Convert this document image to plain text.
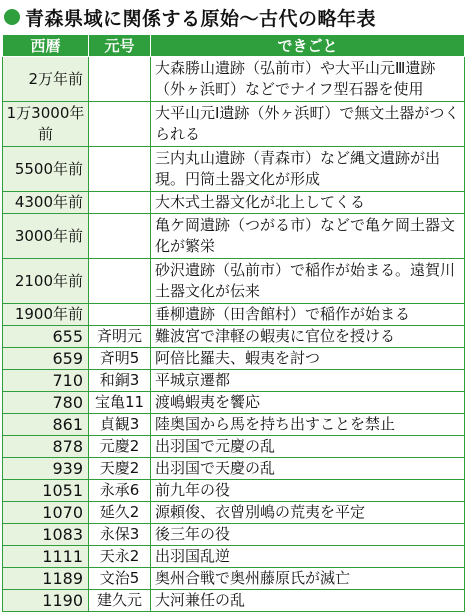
青森県域に関係する原始～古代の略年表
西暦	元号	できごと
2万年前		大森勝山遺跡（弘前市）や大平山元Ⅲ遺跡（外ヶ浜町）などでナイフ型石器を使用
1万3000年前		大平山元Ⅰ遺跡（外ヶ浜町）で無文土器がつくられる
5500年前		三内丸山遺跡（青森市）など縄文遺跡が出現。円筒土器文化が形成
4300年前		大木式土器文化が北上してくる
3000年前		亀ケ岡遺跡（つがる市）などで亀ケ岡土器文化が繁栄
2100年前		砂沢遺跡（弘前市）で稲作が始まる。遠賀川土器文化が伝来
1900年前		垂柳遺跡（田舎館村）で稲作が始まる
655	斉明元	難波宮で津軽の蝦夷に官位を授ける
659	斉明5	阿倍比羅夫、蝦夷を討つ
710	和銅3	平城京遷都
780	宝亀11	渡嶋蝦夷を饗応
861	貞観3	陸奥国から馬を持ち出すことを禁止
878	元慶2	出羽国で元慶の乱
939	天慶2	出羽国で天慶の乱
1051	永承6	前九年の役
1070	延久2	源頼俊、衣曾別嶋の荒夷を平定
1083	永保3	後三年の役
1111	天永2	出羽国乱逆
1189	文治5	奥州合戦で奥州藤原氏が滅亡
1190	建久元	大河兼任の乱
